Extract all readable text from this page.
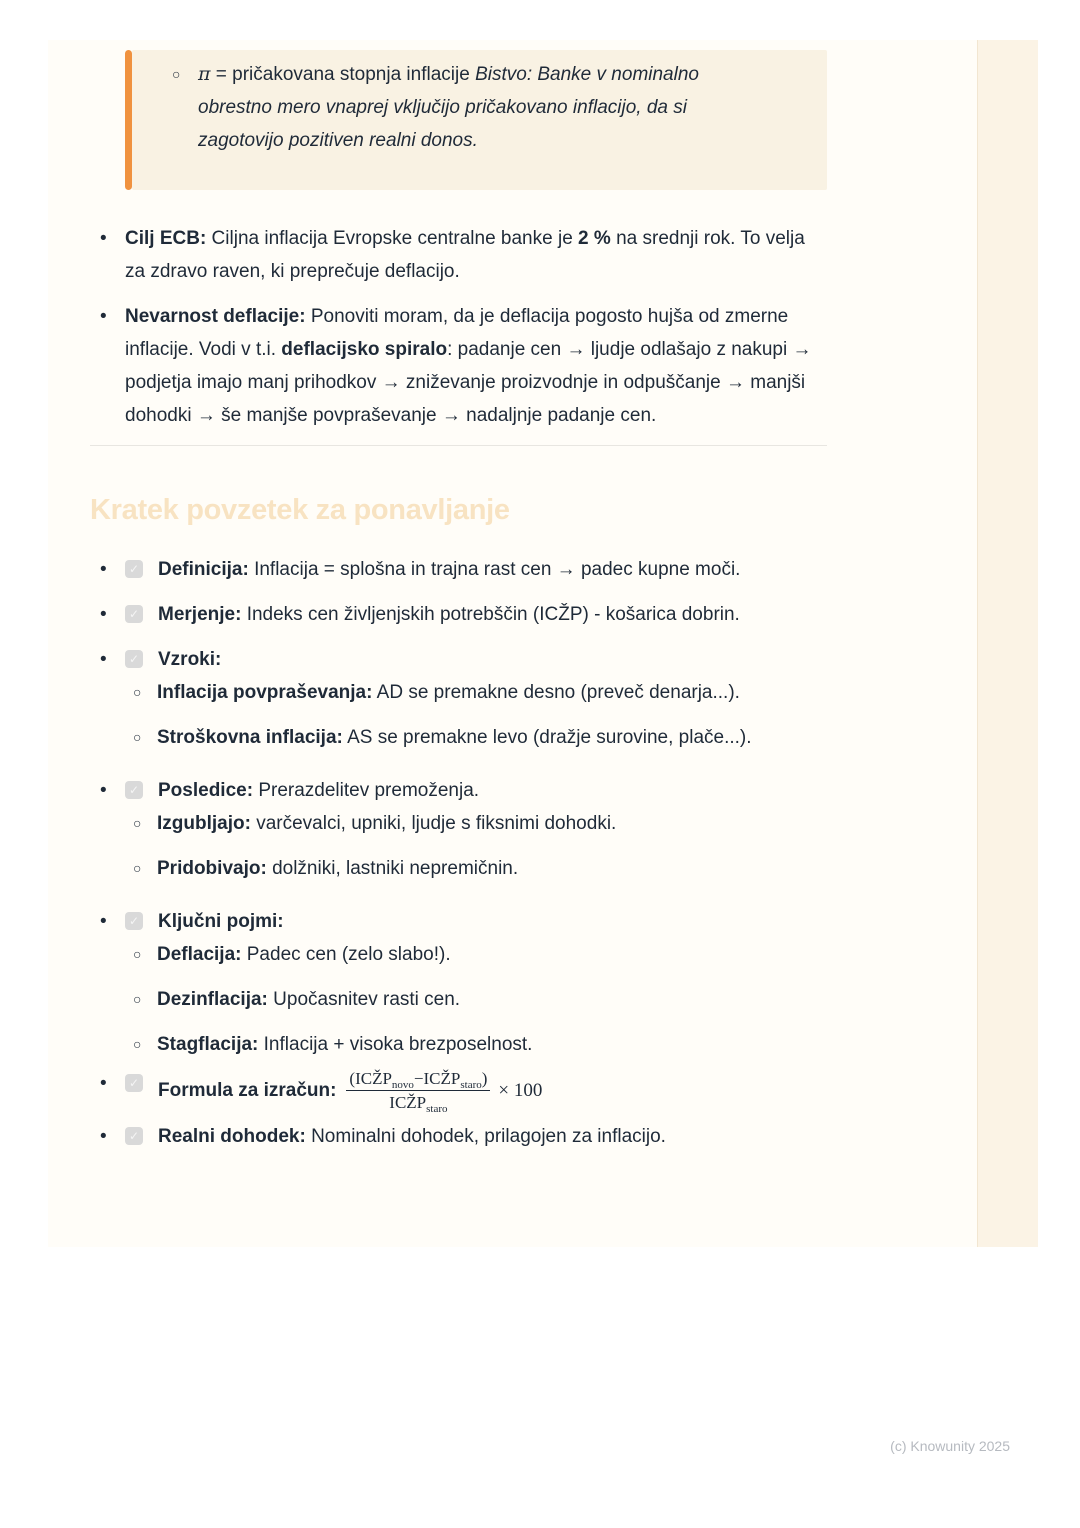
○ π = pričakovana stopnja inflacije Bistvo: Banke v nominalno obrestno mero vnaprej vključijo pričakovano inflacijo, da si zagotovijo pozitiven realni donos.

• Cilj ECB: Ciljna inflacija Evropske centralne banke je 2 % na srednji rok. To velja za zdravo raven, ki preprečuje deflacijo.

• Nevarnost deflacije: Ponoviti moram, da je deflacija pogosto hujša od zmerne inflacije. Vodi v t.i. deflacijsko spiralo: padanje cen → ljudje odlašajo z nakupi → podjetja imajo manj prihodkov → zniževanje proizvodnje in odpuščanje → manjši dohodki → še manjše povpraševanje → nadaljnje padanje cen.

Kratek povzetek za ponavljanje
•	✓ Definicija: Inflacija = splošna in trajna rast cen → padec kupne moči.

•	✓ Merjenje: Indeks cen življenjskih potrebščin (ICŽP) - košarica dobrin.

•	✓ Vzroki:

○ Inflacija povpraševanja: AD se premakne desno (preveč denarja...).

○ Stroškovna inflacija: AS se premakne levo (dražje surovine, plače...).

•	✓ Posledice: Prerazdelitev premoženja.

○ Izgubljajo: varčevalci, upniki, ljudje s fiksnimi dohodki.

○ Pridobivajo: dolžniki, lastniki nepremičnin.

•	✓ Ključni pojmi:

○ Deflacija: Padec cen (zelo slabo!).

○ Dezinflacija: Upočasnitev rasti cen.

○ Stagflacija: Inflacija + visoka brezposelnost.

•	✓ Formula za izračun: $\frac{(ICŽP_{novo}-ICŽP_{staro})}{ICŽP_{staro}} \times 100$

•	✓ Realni dohodek: Nominalni dohodek, prilagojen za inflacijo.

(c) Knowunity 2025
